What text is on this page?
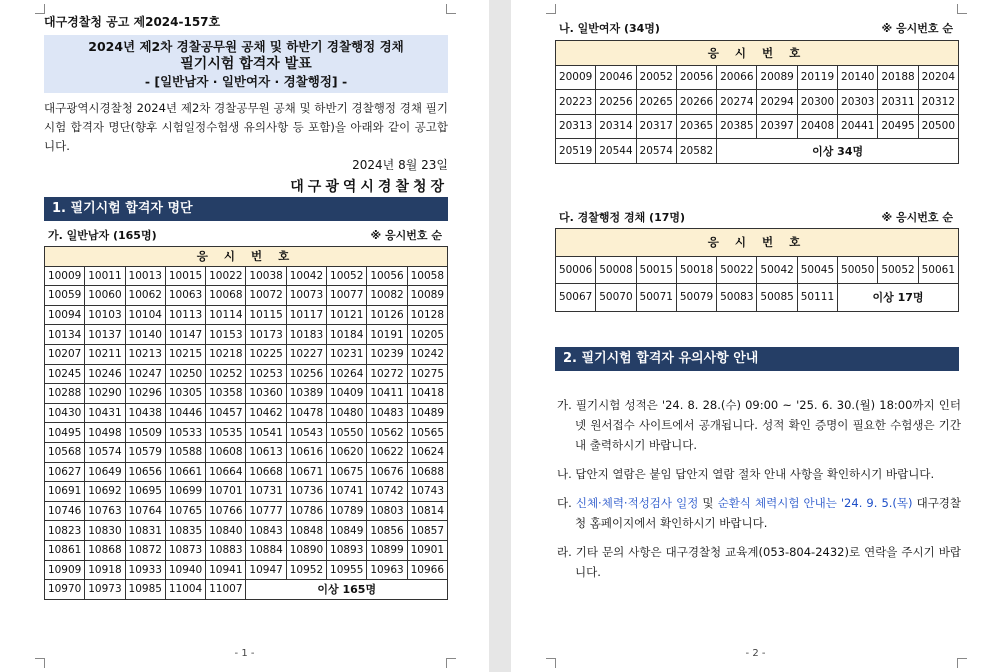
대구경찰청 공고 제2024-157호
2024년 제2차 경찰공무원 공채 및 하반기 경찰행정 경채
필기시험 합격자 발표
- [일반남자 · 일반여자 · 경찰행정] -
대구광역시경찰청 2024년 제2차 경찰공무원 공채 및 하반기 경찰행정 경채 필기시험 합격자 명단(향후 시험일정수험생 유의사항 등 포함)을 아래와 같이 공고합니다.
2024년 8월 23일
대구광역시경찰청장
1. 필기시험 합격자 명단
가. 일반남자 (165명)	※ 응시번호 순
응 시 번 호									
10009	10011	10013	10015	10022	10038	10042	10052	10056	10058
10059	10060	10062	10063	10068	10072	10073	10077	10082	10089
10094	10103	10104	10113	10114	10115	10117	10121	10126	10128
10134	10137	10140	10147	10153	10173	10183	10184	10191	10205
10207	10211	10213	10215	10218	10225	10227	10231	10239	10242
10245	10246	10247	10250	10252	10253	10256	10264	10272	10275
10288	10290	10296	10305	10358	10360	10389	10409	10411	10418
10430	10431	10438	10446	10457	10462	10478	10480	10483	10489
10495	10498	10509	10533	10535	10541	10543	10550	10562	10565
10568	10574	10579	10588	10608	10613	10616	10620	10622	10624
10627	10649	10656	10661	10664	10668	10671	10675	10676	10688
10691	10692	10695	10699	10701	10731	10736	10741	10742	10743
10746	10763	10764	10765	10766	10777	10786	10789	10803	10814
10823	10830	10831	10835	10840	10843	10848	10849	10856	10857
10861	10868	10872	10873	10883	10884	10890	10893	10899	10901
10909	10918	10933	10940	10941	10947	10952	10955	10963	10966
10970	10973	10985	11004	11007	이상 165명				
- 1 -
나. 일반여자 (34명)	※ 응시번호 순
응 시 번 호									
20009	20046	20052	20056	20066	20089	20119	20140	20188	20204
20223	20256	20265	20266	20274	20294	20300	20303	20311	20312
20313	20314	20317	20365	20385	20397	20408	20441	20495	20500
20519	20544	20574	20582	이상 34명					
다. 경찰행정 경채 (17명)	※ 응시번호 순
응 시 번 호									
50006	50008	50015	50018	50022	50042	50045	50050	50052	50061
50067	50070	50071	50079	50083	50085	50111	이상 17명		
2. 필기시험 합격자 유의사항 안내
가. 필기시험 성적은 '24. 8. 28.(수) 09:00 ~ '25. 6. 30.(월) 18:00까지 인터넷 원서접수 사이트에서 공개됩니다. 성적 확인 증명이 필요한 수험생은 기간 내 출력하시기 바랍니다.
나. 답안지 열람은 붙임 답안지 열람 절차 안내 사항을 확인하시기 바랍니다.
다. 신체·체력·적성검사 일정 및 순환식 체력시험 안내는 '24. 9. 5.(목) 대구경찰청 홈페이지에서 확인하시기 바랍니다.
라. 기타 문의 사항은 대구경찰청 교육계(053-804-2432)로 연락을 주시기 바랍니다.
- 2 -
